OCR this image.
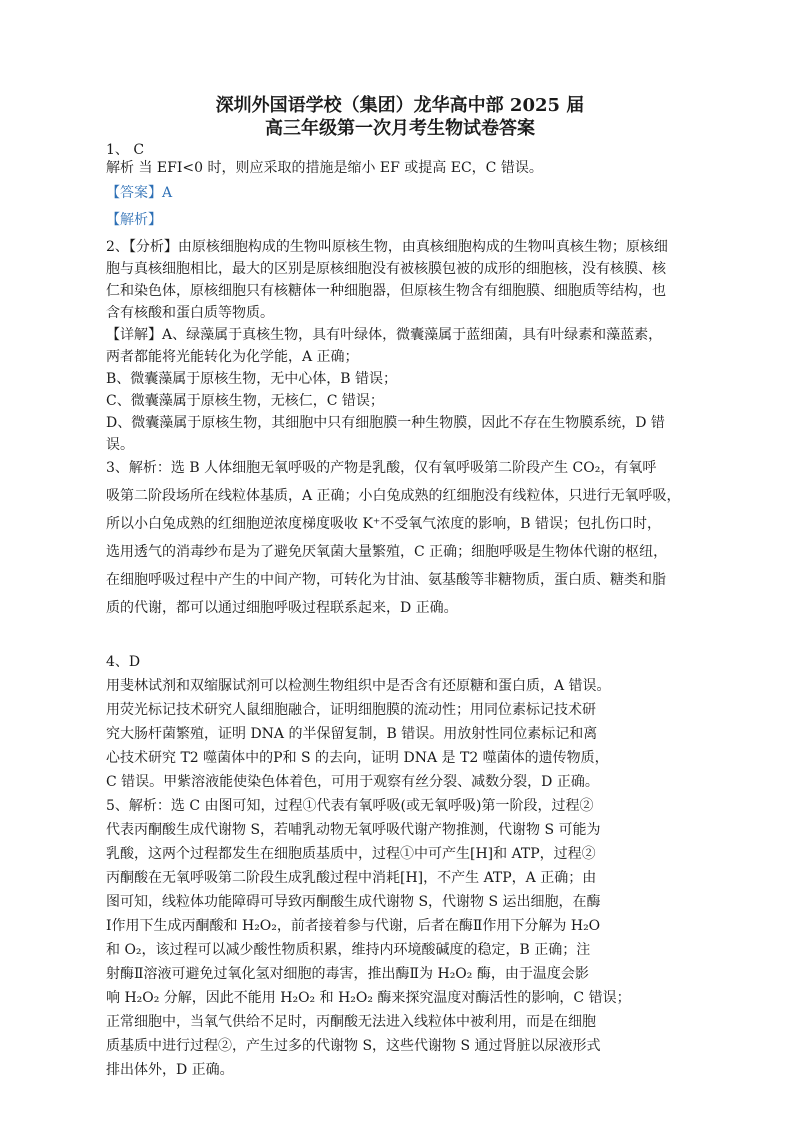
深圳外国语学校（集团）龙华高中部 2025 届
高三年级第一次月考生物试卷答案
1、 C
解析 当 EFI<0 时，则应采取的措施是缩小 EF 或提高 EC，C 错误。
【答案】A
【解析】
2、【分析】由原核细胞构成的生物叫原核生物，由真核细胞构成的生物叫真核生物；原核细
胞与真核细胞相比，最大的区别是原核细胞没有被核膜包被的成形的细胞核，没有核膜、核
仁和染色体，原核细胞只有核糖体一种细胞器，但原核生物含有细胞膜、细胞质等结构，也
含有核酸和蛋白质等物质。
【详解】A、绿藻属于真核生物，具有叶绿体，微囊藻属于蓝细菌，具有叶绿素和藻蓝素，
两者都能将光能转化为化学能，A 正确；
B、微囊藻属于原核生物，无中心体，B 错误；
C、微囊藻属于原核生物，无核仁，C 错误；
D、微囊藻属于原核生物，其细胞中只有细胞膜一种生物膜，因此不存在生物膜系统，D 错
误。
3、解析：选 B 人体细胞无氧呼吸的产物是乳酸，仅有氧呼吸第二阶段产生 CO₂，有氧呼
吸第二阶段场所在线粒体基质，A 正确；小白兔成熟的红细胞没有线粒体，只进行无氧呼吸，
所以小白兔成熟的红细胞逆浓度梯度吸收 K⁺不受氧气浓度的影响，B 错误；包扎伤口时，
选用透气的消毒纱布是为了避免厌氧菌大量繁殖，C 正确；细胞呼吸是生物体代谢的枢纽，
在细胞呼吸过程中产生的中间产物，可转化为甘油、氨基酸等非糖物质，蛋白质、糖类和脂
质的代谢，都可以通过细胞呼吸过程联系起来，D 正确。
4、D
用斐林试剂和双缩脲试剂可以检测生物组织中是否含有还原糖和蛋白质，A 错误。
用荧光标记技术研究人鼠细胞融合，证明细胞膜的流动性；用同位素标记技术研
究大肠杆菌繁殖，证明 DNA 的半保留复制，B 错误。用放射性同位素标记和离
心技术研究 T2 噬菌体中的P和 S 的去向，证明 DNA 是 T2 噬菌体的遗传物质，
C 错误。甲紫溶液能使染色体着色，可用于观察有丝分裂、减数分裂，D 正确。
5、解析：选 C 由图可知，过程①代表有氧呼吸(或无氧呼吸)第一阶段，过程②
代表丙酮酸生成代谢物 S，若哺乳动物无氧呼吸代谢产物推测，代谢物 S 可能为
乳酸，这两个过程都发生在细胞质基质中，过程①中可产生[H]和 ATP，过程②
丙酮酸在无氧呼吸第二阶段生成乳酸过程中消耗[H]，不产生 ATP，A 正确；由
图可知，线粒体功能障碍可导致丙酮酸生成代谢物 S，代谢物 S 运出细胞，在酶
Ⅰ作用下生成丙酮酸和 H₂O₂，前者接着参与代谢，后者在酶Ⅱ作用下分解为 H₂O
和 O₂，该过程可以减少酸性物质积累，维持内环境酸碱度的稳定，B 正确；注
射酶Ⅱ溶液可避免过氧化氢对细胞的毒害，推出酶Ⅱ为 H₂O₂ 酶，由于温度会影
响 H₂O₂ 分解，因此不能用 H₂O₂ 和 H₂O₂ 酶来探究温度对酶活性的影响，C 错误；
正常细胞中，当氧气供给不足时，丙酮酸无法进入线粒体中被利用，而是在细胞
质基质中进行过程②，产生过多的代谢物 S，这些代谢物 S 通过肾脏以尿液形式
排出体外，D 正确。
